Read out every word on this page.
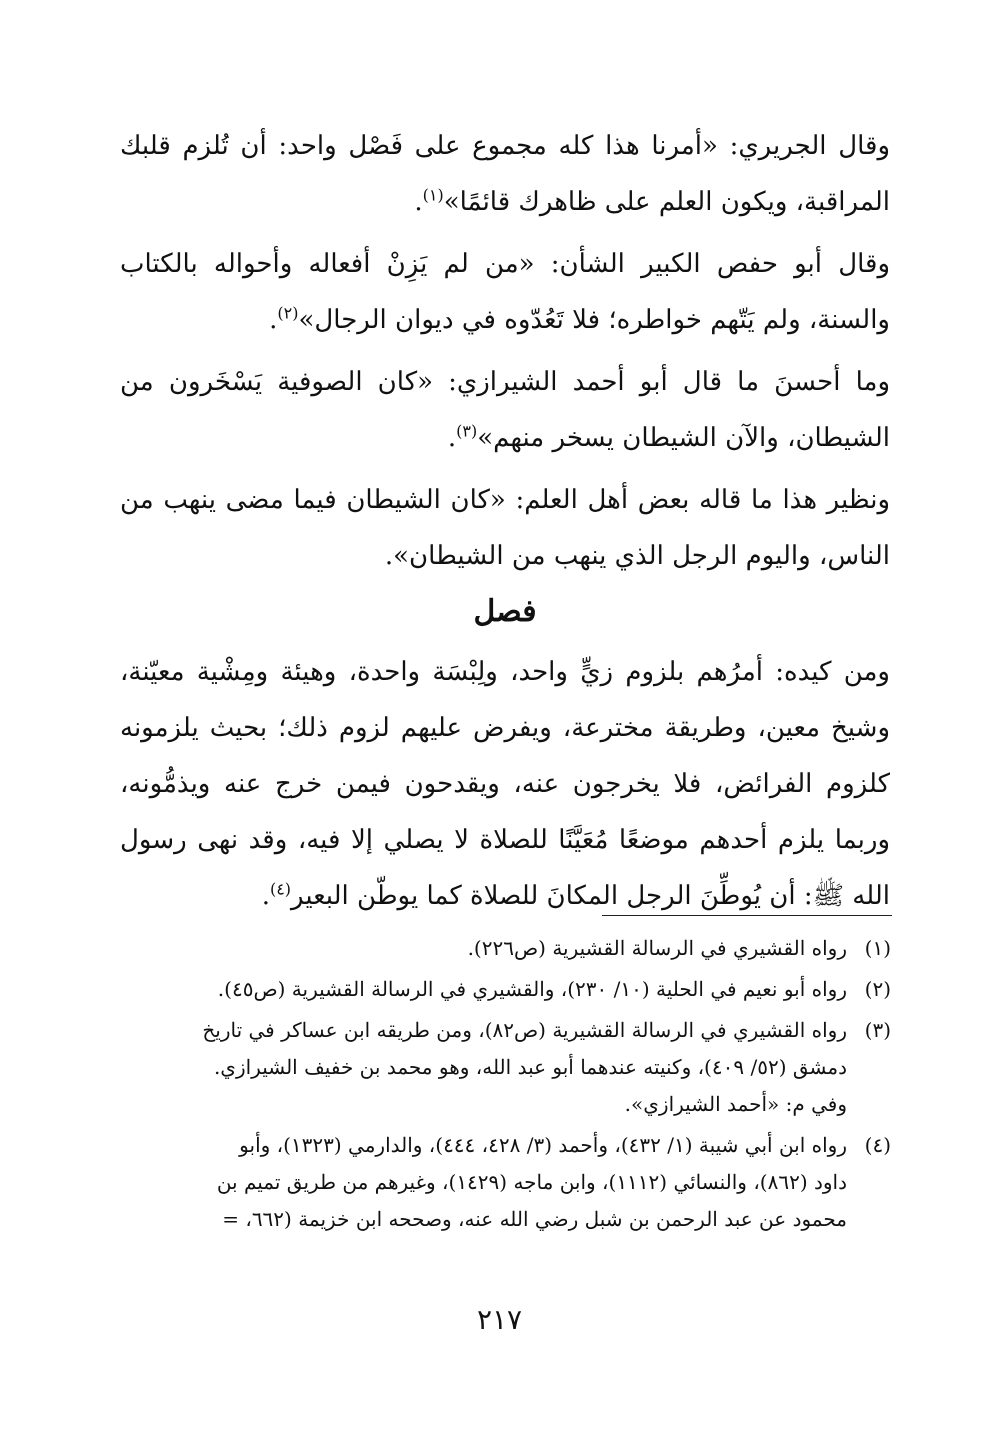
وقال الجريري: «أمرنا هذا كله مجموع على فَصْل واحد: أن تُلزم قلبك المراقبة، ويكون العلم على ظاهرك قائمًا»$^{(١)}$.

وقال أبو حفص الكبير الشأن: «من لم يَزِنْ أفعاله وأحواله بالكتاب والسنة، ولم يَتّهم خواطره؛ فلا تَعُدّوه في ديوان الرجال»$^{(٢)}$.

وما أحسنَ ما قال أبو أحمد الشيرازي: «كان الصوفية يَسْخَرون من الشيطان، والآن الشيطان يسخر منهم»$^{(٣)}$.

ونظير هذا ما قاله بعض أهل العلم: «كان الشيطان فيما مضى ينهب من الناس، واليوم الرجل الذي ينهب من الشيطان».

فصل

ومن كيده: أمرُهم بلزوم زيٍّ واحد، ولِبْسَة واحدة، وهيئة ومِشْية معيّنة، وشيخ معين، وطريقة مخترعة، ويفرض عليهم لزوم ذلك؛ بحيث يلزمونه كلزوم الفرائض، فلا يخرجون عنه، ويقدحون فيمن خرج عنه ويذمُّونه، وربما يلزم أحدهم موضعًا مُعَيَّنًا للصلاة لا يصلي إلا فيه، وقد نهى رسول الله ﷺ: أن يُوطِّنَ الرجل المكانَ للصلاة كما يوطّن البعير$^{(٤)}$.

(١)
رواه القشيري في الرسالة القشيرية (ص٢٢٦).
(٢)
رواه أبو نعيم في الحلية (١٠/ ٢٣٠)، والقشيري في الرسالة القشيرية (ص٤٥).
(٣)
رواه القشيري في الرسالة القشيرية (ص٨٢)، ومن طريقه ابن عساكر في تاريخ
دمشق (٥٢/ ٤٠٩)، وكنيته عندهما أبو عبد الله، وهو محمد بن خفيف الشيرازي.
وفي م: «أحمد الشيرازي».
(٤)
رواه ابن أبي شيبة (١/ ٤٣٢)، وأحمد (٣/ ٤٢٨، ٤٤٤)، والدارمي (١٣٢٣)، وأبو
داود (٨٦٢)، والنسائي (١١١٢)، وابن ماجه (١٤٢٩)، وغيرهم من طريق تميم بن
محمود عن عبد الرحمن بن شبل رضي الله عنه، وصححه ابن خزيمة (٦٦٢، =
٢١٧
